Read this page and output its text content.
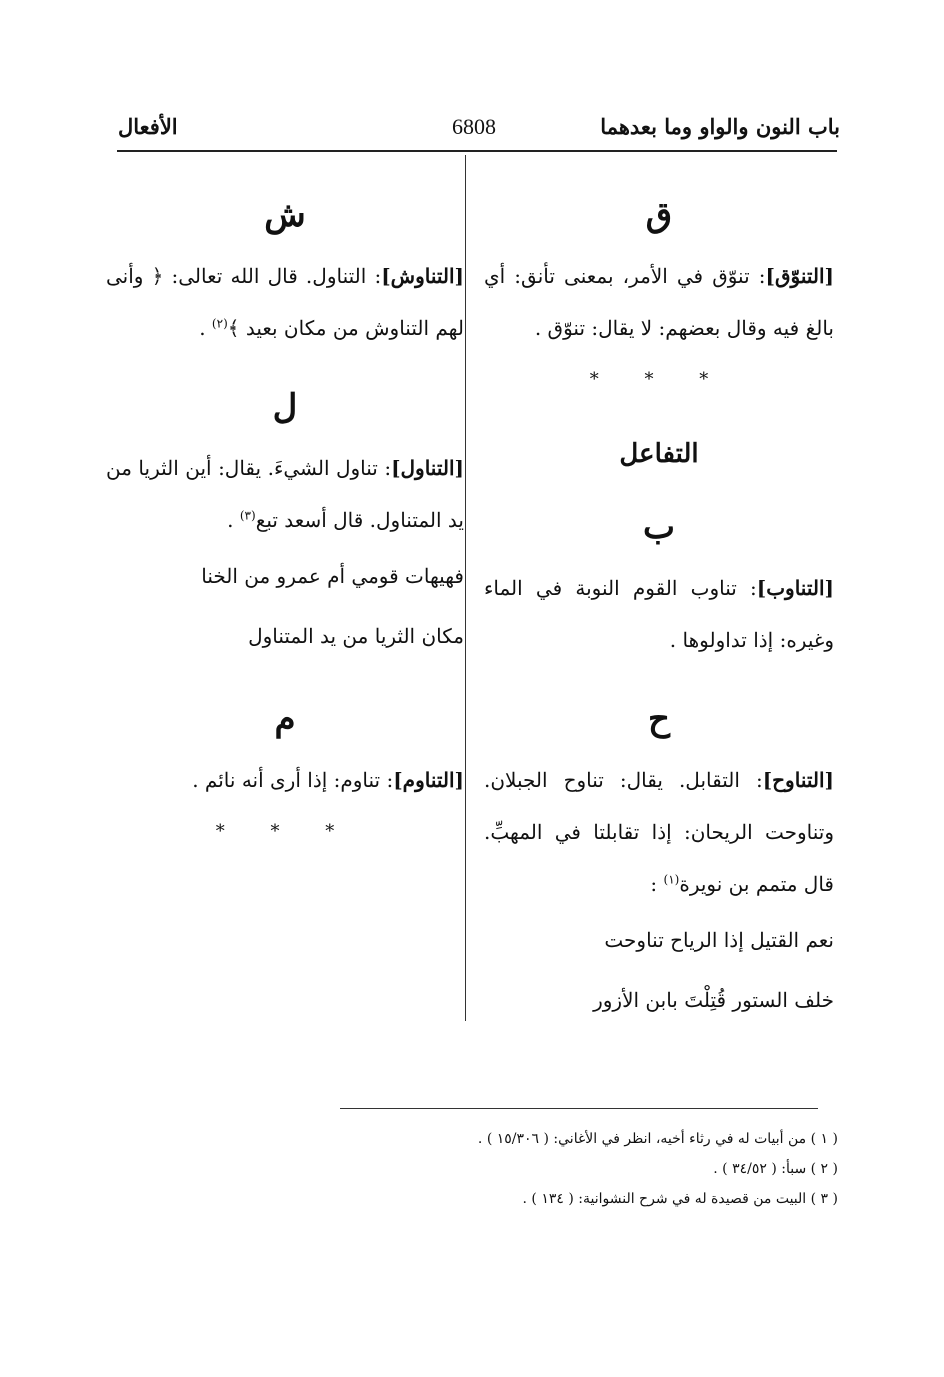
باب النون والواو وما بعدهما
6808
الأفعال
ق

[التنوّق]: تنوّق في الأمر، بمعنى تأنق: أي بالغ فيه وقال بعضهم: لا يقال: تنوّق .

* * *
التفاعل
ب

[التناوب]: تناوب القوم النوبة في الماء وغيره: إذا تداولوها .

ح

[التناوح]: التقابل. يقال: تناوح الجبلان. وتناوحت الريحان: إذا تقابلتا في المهبِّ. قال متمم بن نويرة$^{(١)}$ :

نعم القتيل إذا الرياح تناوحت

خلف الستور قُتِلْتَ بابن الأزور

ش

[التناوش]: التناول. قال الله تعالى: ﴿ وأنى لهم التناوش من مكان بعيد ﴾$^{(٢)}$ .

ل

[التناول]: تناول الشيءَ. يقال: أين الثريا من يد المتناول. قال أسعد تبع$^{(٣)}$ .

فهيهات قومي أم عمرو من الخنا

مكان الثريا من يد المتناول

م

[التناوم]: تناوم: إذا أرى أنه نائم .

* * *

( ١ ) من أبيات له في رثاء أخيه، انظر في الأغاني: ( ١٥/٣٠٦ ) .

( ٢ ) سبأ: ( ٣٤/٥٢ ) .

( ٣ ) البيت من قصيدة له في شرح النشوانية: ( ١٣٤ ) .
